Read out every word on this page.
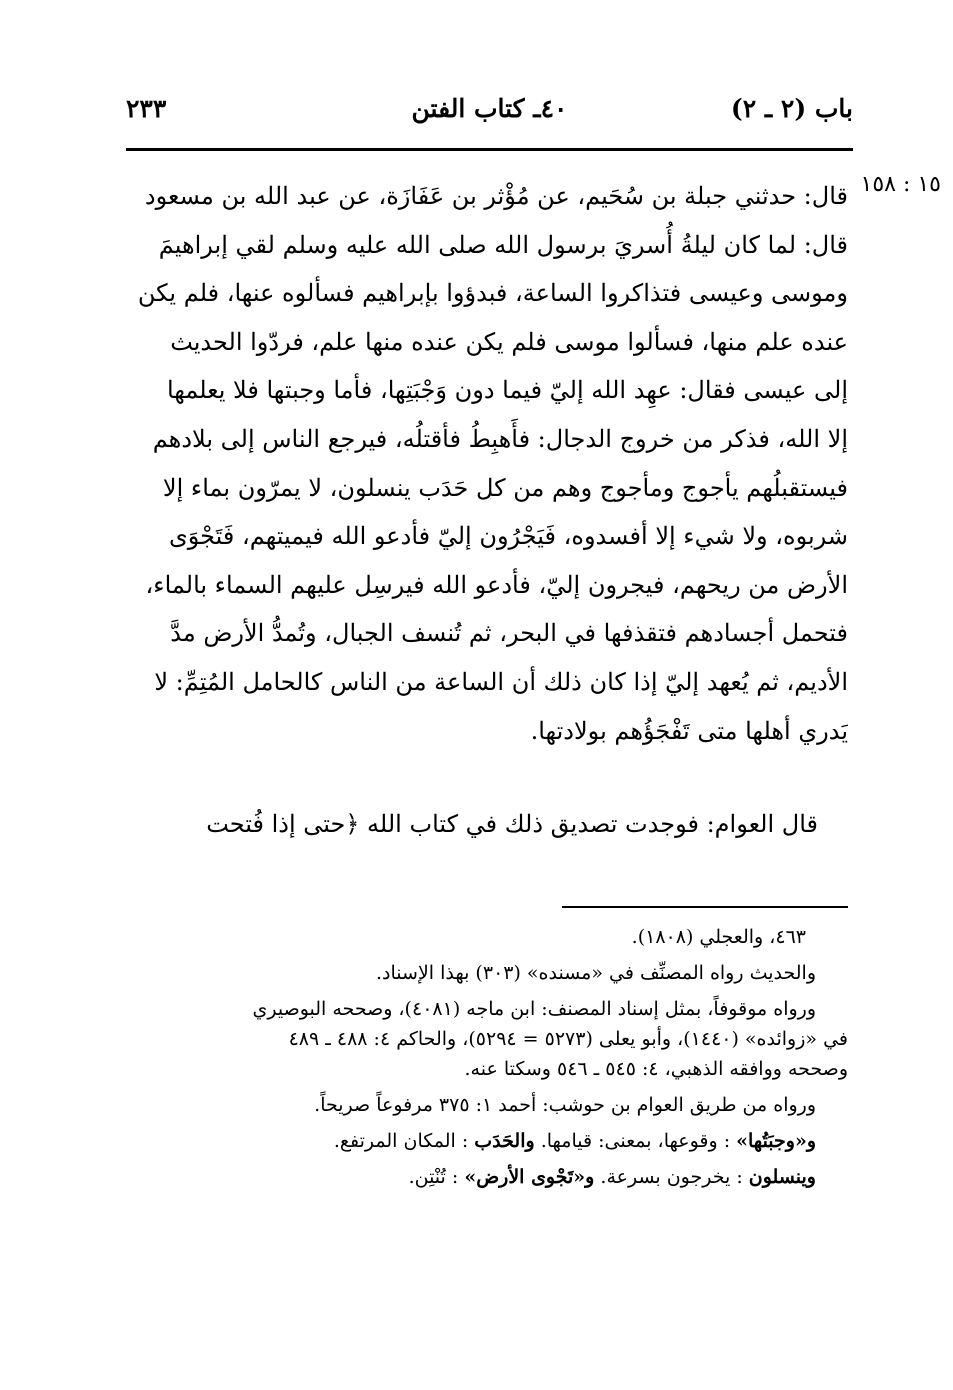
باب (٢ ـ ٢)
٤٠ـ كتاب الفتن
٢٣٣
١٥ : ١٥٨
قال: حدثني جبلة بن سُحَيم، عن مُؤْثر بن عَفَازَة، عن عبد الله بن مسعود
قال: لما كان ليلةُ أُسريَ برسول الله صلى الله عليه وسلم لقي إبراهيمَ
وموسى وعيسى فتذاكروا الساعة، فبدؤوا بإبراهيم فسألوه عنها، فلم يكن
عنده علم منها، فسألوا موسى فلم يكن عنده منها علم، فردّوا الحديث
إلى عيسى فقال: عهِد الله إليّ فيما دون وَجْبَتِها، فأما وجبتها فلا يعلمها
إلا الله، فذكر من خروج الدجال: فأَهبِطُ فأقتلُه، فيرجع الناس إلى بلادهم
فيستقبلُهم يأجوج ومأجوج وهم من كل حَدَب ينسلون، لا يمرّون بماء إلا
شربوه، ولا شيء إلا أفسدوه، فَيَجْرُون إليّ فأدعو الله فيميتهم، فَتَجْوَى
الأرض من ريحهم، فيجرون إليّ، فأدعو الله فيرسِل عليهم السماء بالماء،
فتحمل أجسادهم فتقذفها في البحر، ثم تُنسف الجبال، وتُمدُّ الأرض مدَّ
الأديم، ثم يُعهد إليّ إذا كان ذلك أن الساعة من الناس كالحامل المُتِمِّ: لا
يَدري أهلها متى تَفْجَؤُهم بولادتها.
قال العوام: فوجدت تصديق ذلك في كتاب الله ﴿حتى إذا فُتحت
٤٦٣، والعجلي (١٨٠٨).
والحديث رواه المصنِّف في «مسنده» (٣٠٣) بهذا الإسناد.
ورواه موقوفاً، بمثل إسناد المصنف: ابن ماجه (٤٠٨١)، وصححه البوصيري
في «زوائده» (١٤٤٠)، وأبو يعلى (٥٢٧٣ = ٥٢٩٤)، والحاكم ٤: ٤٨٨ ـ ٤٨٩
وصححه ووافقه الذهبي، ٤: ٥٤٥ ـ ٥٤٦ وسكتا عنه.
ورواه من طريق العوام بن حوشب: أحمد ١: ٣٧٥ مرفوعاً صريحاً.
و«وجبَتُها» : وقوعها، بمعنى: قيامها. والحَدَب : المكان المرتفع.
وينسلون : يخرجون بسرعة. و«تَجْوى الأرض» : تُنْتِن.
